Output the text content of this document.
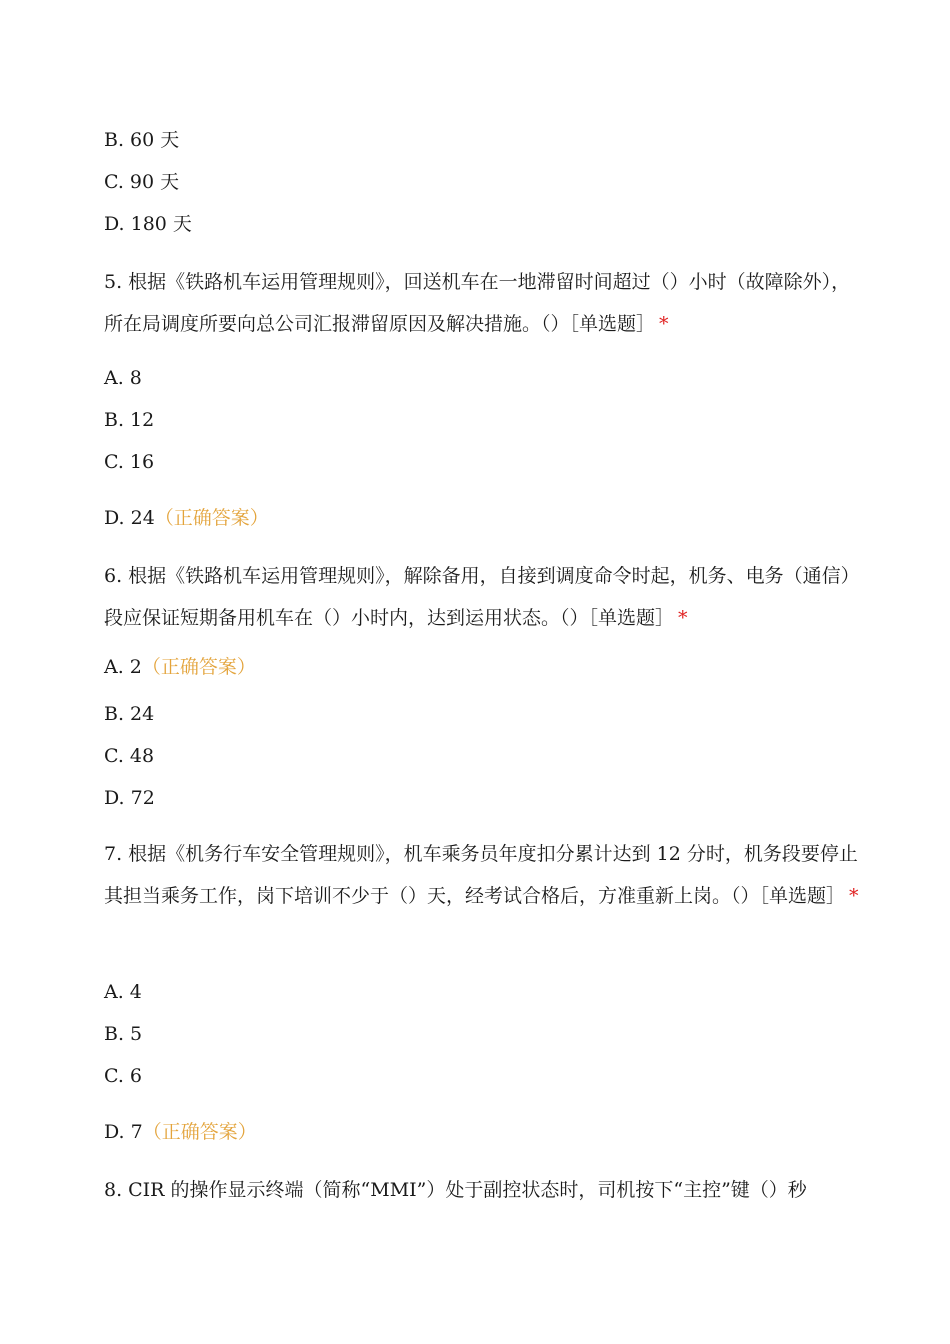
B. 60 天
C. 90 天
D. 180 天
5. 根据《铁路机车运用管理规则》，回送机车在一地滞留时间超过（）小时（故障除外），所在局调度所要向总公司汇报滞留原因及解决措施。（）［单选题］ *
A. 8
B. 12
C. 16
D. 24（正确答案）
6. 根据《铁路机车运用管理规则》，解除备用，自接到调度命令时起，机务、电务（通信）段应保证短期备用机车在（）小时内，达到运用状态。（）［单选题］ *
A. 2（正确答案）
B. 24
C. 48
D. 72
7. 根据《机务行车安全管理规则》，机车乘务员年度扣分累计达到 12 分时，机务段要停止其担当乘务工作，岗下培训不少于（）天，经考试合格后，方准重新上岗。（）［单选题］ *
A. 4
B. 5
C. 6
D. 7（正确答案）
8. CIR 的操作显示终端（简称“MMI”）处于副控状态时，司机按下“主控”键（）秒
